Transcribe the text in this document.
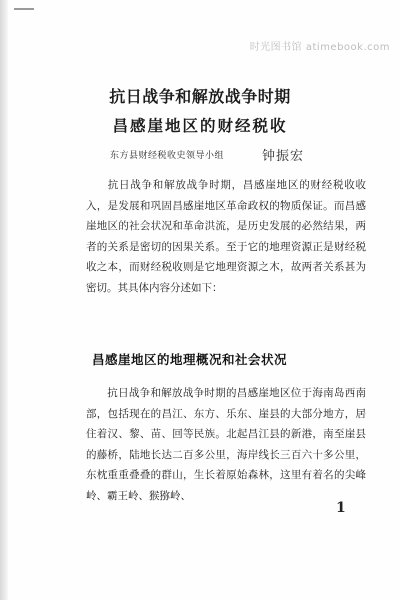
时光图书馆 atimebook.com
抗日战争和解放战争时期
昌感崖地区的财经税收
东方县财经税收史领导小组	钟振宏

抗日战争和解放战争时期，昌感崖地区的财经税收收入，是发展和巩固昌感崖地区革命政权的物质保证。而昌感崖地区的社会状况和革命洪流，是历史发展的必然结果，两者的关系是密切的因果关系。至于它的地理资源正是财经税收之本，而财经税收则是它地理资源之木，故两者关系甚为密切。其具体内容分述如下：

昌感崖地区的地理概况和社会状况

抗日战争和解放战争时期的昌感崖地区位于海南岛西南部，包括现在的昌江、东方、乐东、崖县的大部分地方，居住着汉、黎、苗、回等民族。北起昌江县的新港，南至崖县的藤桥，陆地长达二百多公里，海岸线长三百六十多公里，东枕重重叠叠的群山，生长着原始森林，这里有着名的尖峰岭、霸王岭、猴猕岭、

1
